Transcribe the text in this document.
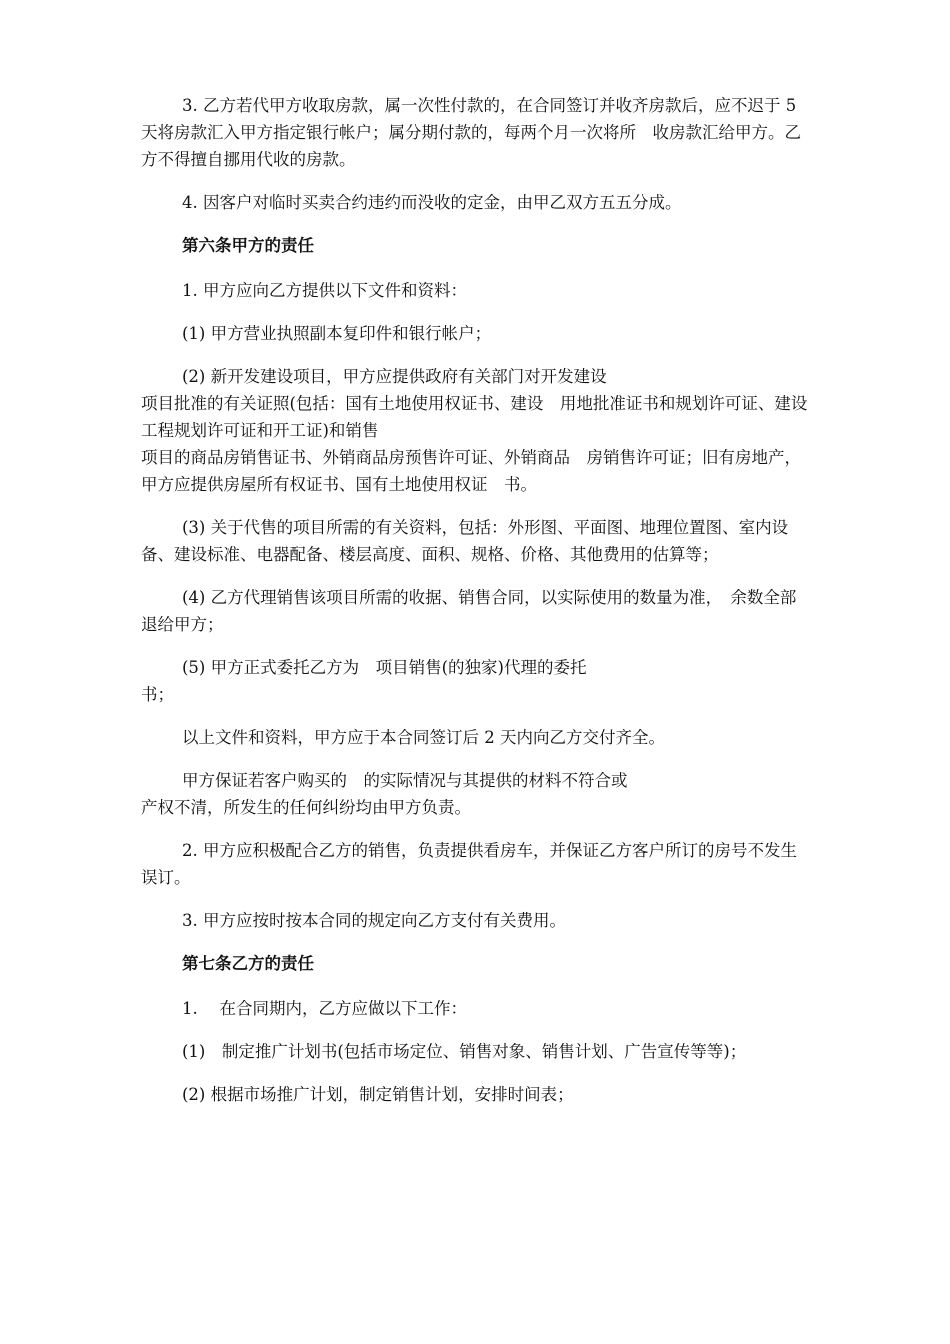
3. 乙方若代甲方收取房款，属一次性付款的，在合同签订并收齐房款后，应不迟于 5 天将房款汇入甲方指定银行帐户；属分期付款的，每两个月一次将所　收房款汇给甲方。乙方不得擅自挪用代收的房款。

4. 因客户对临时买卖合约违约而没收的定金，由甲乙双方五五分成。

第六条甲方的责任

1. 甲方应向乙方提供以下文件和资料：

(1) 甲方营业执照副本复印件和银行帐户；

(2) 新开发建设项目，甲方应提供政府有关部门对开发建设
项目批准的有关证照(包括：国有土地使用权证书、建设　用地批准证书和规划许可证、建设工程规划许可证和开工证)和销售
项目的商品房销售证书、外销商品房预售许可证、外销商品　房销售许可证；旧有房地产，甲方应提供房屋所有权证书、国有土地使用权证　书。

(3) 关于代售的项目所需的有关资料，包括：外形图、平面图、地理位置图、室内设备、建设标准、电器配备、楼层高度、面积、规格、价格、其他费用的估算等；

(4) 乙方代理销售该项目所需的收据、销售合同，以实际使用的数量为准，　余数全部退给甲方；

(5) 甲方正式委托乙方为　项目销售(的独家)代理的委托
书；

以上文件和资料，甲方应于本合同签订后 2 天内向乙方交付齐全。

甲方保证若客户购买的　的实际情况与其提供的材料不符合或
产权不清，所发生的任何纠纷均由甲方负责。

2. 甲方应积极配合乙方的销售，负责提供看房车，并保证乙方客户所订的房号不发生误订。

3. 甲方应按时按本合同的规定向乙方支付有关费用。

第七条乙方的责任

1.　 在合同期内，乙方应做以下工作：

(1)　制定推广计划书(包括市场定位、销售对象、销售计划、广告宣传等等)；

(2) 根据市场推广计划，制定销售计划，安排时间表；
